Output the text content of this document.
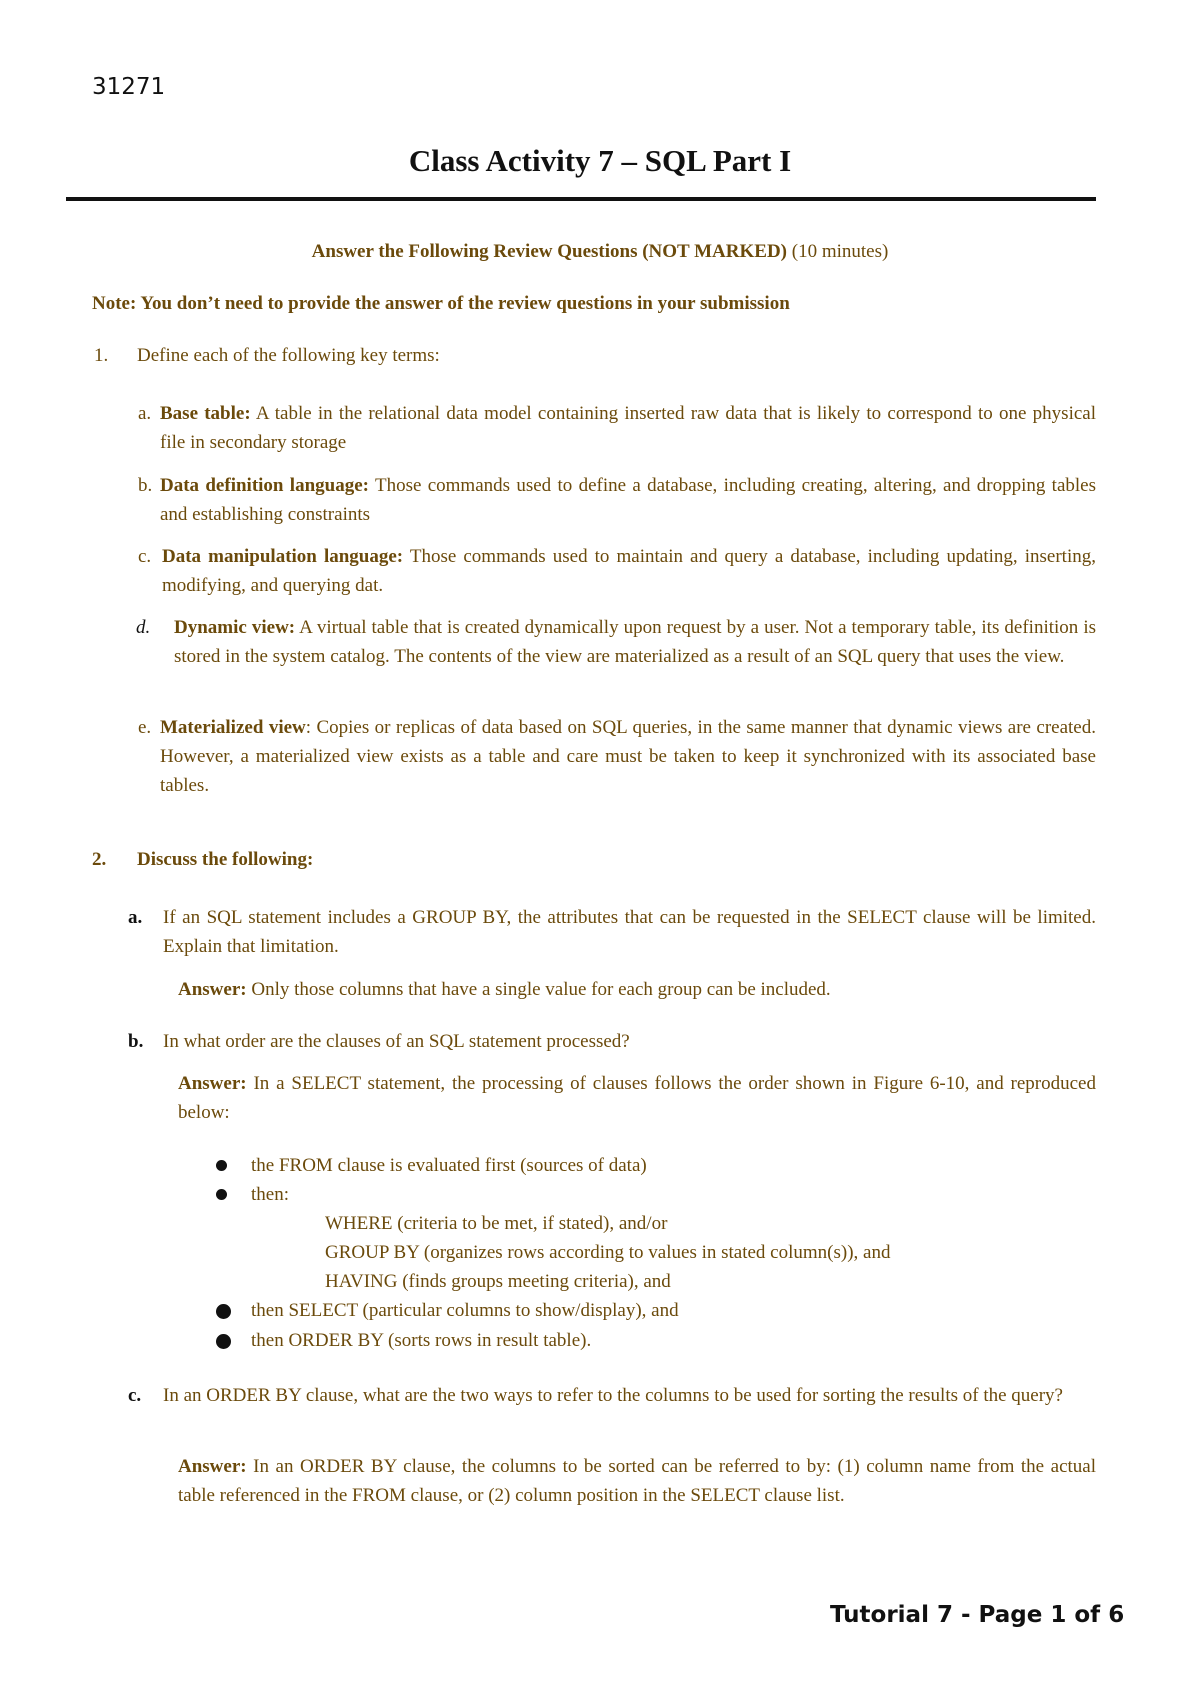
31271
Class Activity 7 – SQL Part I
Answer the Following Review Questions (NOT MARKED) (10 minutes)
Note: You don’t need to provide the answer of the review questions in your submission
1. Define each of the following key terms:
a. Base table: A table in the relational data model containing inserted raw data that is likely to correspond to one physical file in secondary storage
b. Data definition language: Those commands used to define a database, including creating, altering, and dropping tables and establishing constraints
c. Data manipulation language: Those commands used to maintain and query a database, including updating, inserting, modifying, and querying dat.
d. Dynamic view: A virtual table that is created dynamically upon request by a user. Not a temporary table, its definition is stored in the system catalog. The contents of the view are materialized as a result of an SQL query that uses the view.
e. Materialized view: Copies or replicas of data based on SQL queries, in the same manner that dynamic views are created. However, a materialized view exists as a table and care must be taken to keep it synchronized with its associated base tables.
2. Discuss the following:
a. If an SQL statement includes a GROUP BY, the attributes that can be requested in the SELECT clause will be limited. Explain that limitation.
Answer: Only those columns that have a single value for each group can be included.
b. In what order are the clauses of an SQL statement processed?
Answer: In a SELECT statement, the processing of clauses follows the order shown in Figure 6-10, and reproduced below:
the FROM clause is evaluated first (sources of data)
then:
WHERE (criteria to be met, if stated), and/or
GROUP BY (organizes rows according to values in stated column(s)), and
HAVING (finds groups meeting criteria), and
then SELECT (particular columns to show/display), and
then ORDER BY (sorts rows in result table).
c. In an ORDER BY clause, what are the two ways to refer to the columns to be used for sorting the results of the query?
Answer: In an ORDER BY clause, the columns to be sorted can be referred to by: (1) column name from the actual table referenced in the FROM clause, or (2) column position in the SELECT clause list.
Tutorial 7 - Page 1 of 6
